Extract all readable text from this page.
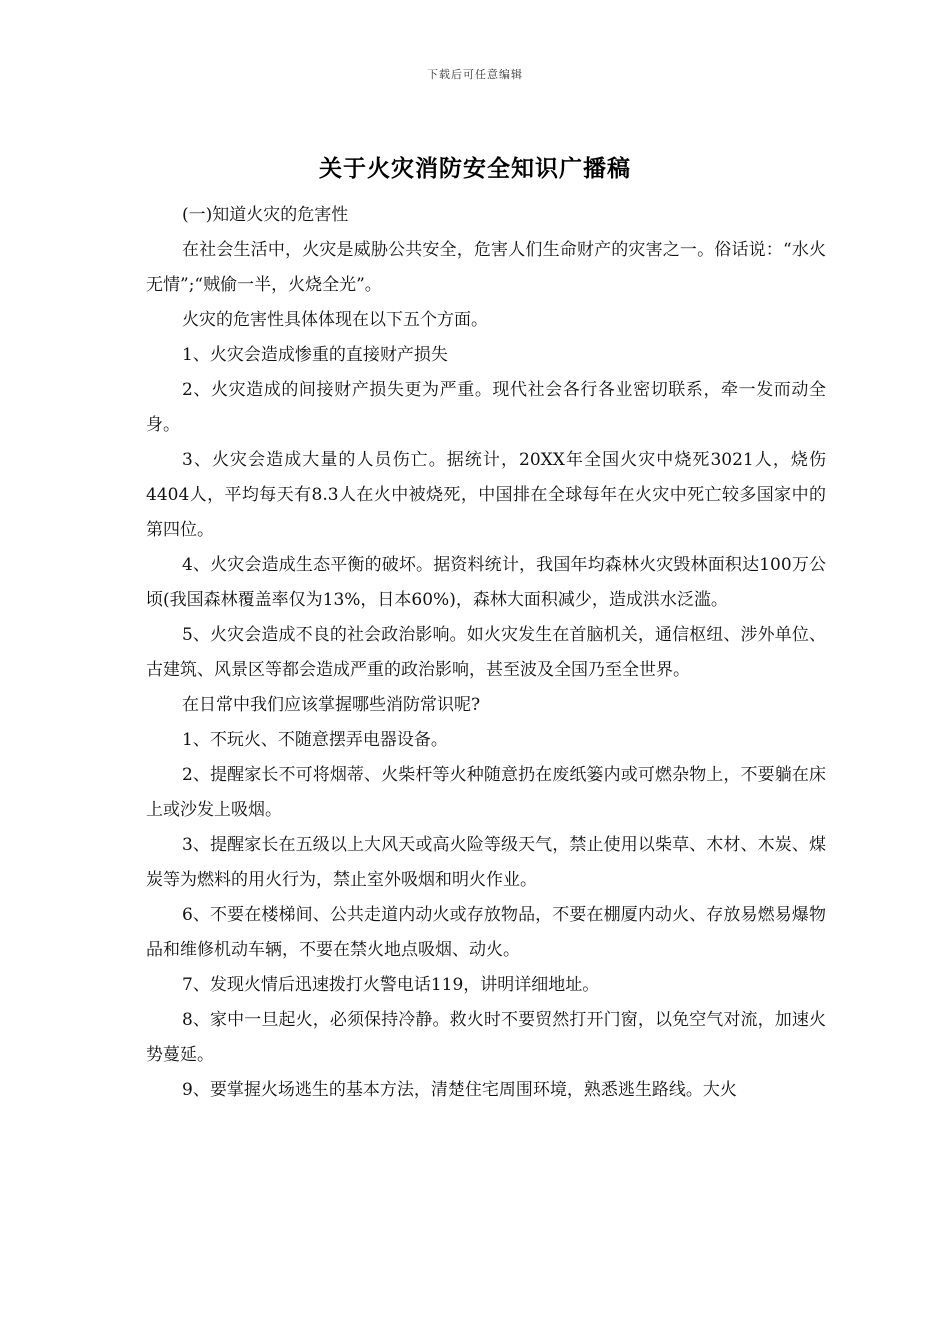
下载后可任意编辑
关于火灾消防安全知识广播稿

(一)知道火灾的危害性

在社会生活中，火灾是威胁公共安全，危害人们生命财产的灾害之一。俗话说：“水火无情”;“贼偷一半，火烧全光”。

火灾的危害性具体体现在以下五个方面。

1、火灾会造成惨重的直接财产损失

2、火灾造成的间接财产损失更为严重。现代社会各行各业密切联系，牵一发而动全身。

3、火灾会造成大量的人员伤亡。据统计，20XX年全国火灾中烧死3021人，烧伤4404人，平均每天有8.3人在火中被烧死，中国排在全球每年在火灾中死亡较多国家中的第四位。

4、火灾会造成生态平衡的破坏。据资料统计，我国年均森林火灾毁林面积达100万公顷(我国森林覆盖率仅为13%，日本60%)，森林大面积减少，造成洪水泛滥。

5、火灾会造成不良的社会政治影响。如火灾发生在首脑机关，通信枢纽、涉外单位、古建筑、风景区等都会造成严重的政治影响，甚至波及全国乃至全世界。

在日常中我们应该掌握哪些消防常识呢?

1、不玩火、不随意摆弄电器设备。

2、提醒家长不可将烟蒂、火柴杆等火种随意扔在废纸篓内或可燃杂物上，不要躺在床上或沙发上吸烟。

3、提醒家长在五级以上大风天或高火险等级天气，禁止使用以柴草、木材、木炭、煤炭等为燃料的用火行为，禁止室外吸烟和明火作业。

6、不要在楼梯间、公共走道内动火或存放物品，不要在棚厦内动火、存放易燃易爆物品和维修机动车辆，不要在禁火地点吸烟、动火。

7、发现火情后迅速拨打火警电话119，讲明详细地址。

8、家中一旦起火，必须保持冷静。救火时不要贸然打开门窗，以免空气对流，加速火势蔓延。

9、要掌握火场逃生的基本方法，清楚住宅周围环境，熟悉逃生路线。大火
